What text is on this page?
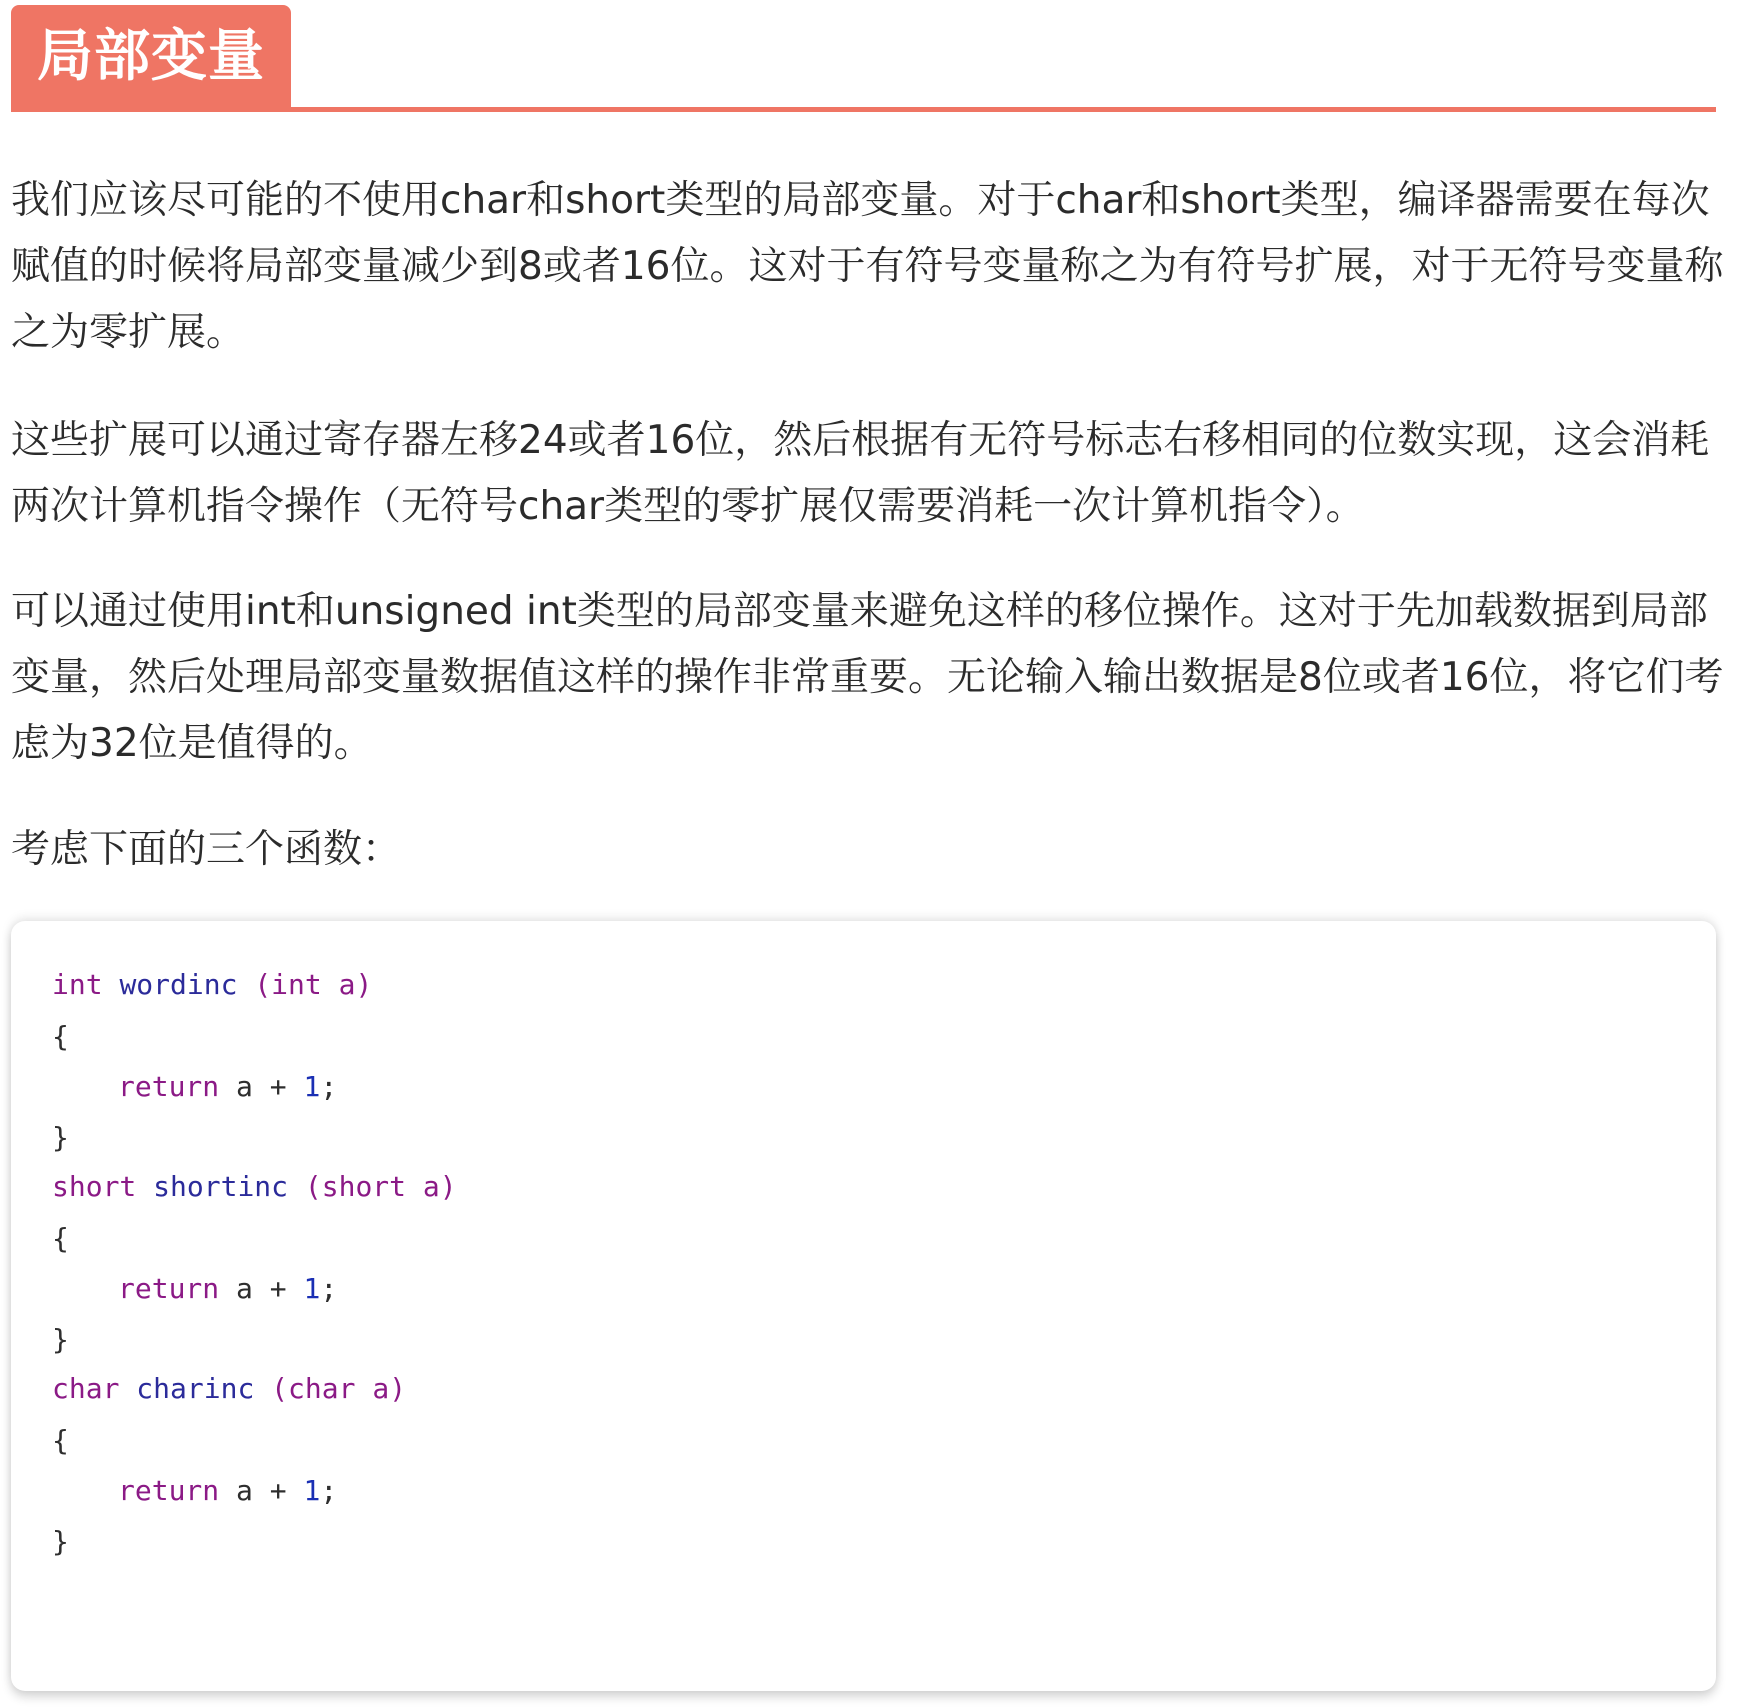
局部变量

我们应该尽可能的不使用char和short类型的局部变量。对于char和short类型，编译器需要在每次赋值的时候将局部变量减少到8或者16位。这对于有符号变量称之为有符号扩展，对于无符号变量称之为零扩展。

这些扩展可以通过寄存器左移24或者16位，然后根据有无符号标志右移相同的位数实现，这会消耗两次计算机指令操作（无符号char类型的零扩展仅需要消耗一次计算机指令）。

可以通过使用int和unsigned int类型的局部变量来避免这样的移位操作。这对于先加载数据到局部变量，然后处理局部变量数据值这样的操作非常重要。无论输入输出数据是8位或者16位，将它们考虑为32位是值得的。

考虑下面的三个函数：

int wordinc (int a)
{
return a + 1;
}
short shortinc (short a)
{
return a + 1;
}
char charinc (char a)
{
return a + 1;
}
